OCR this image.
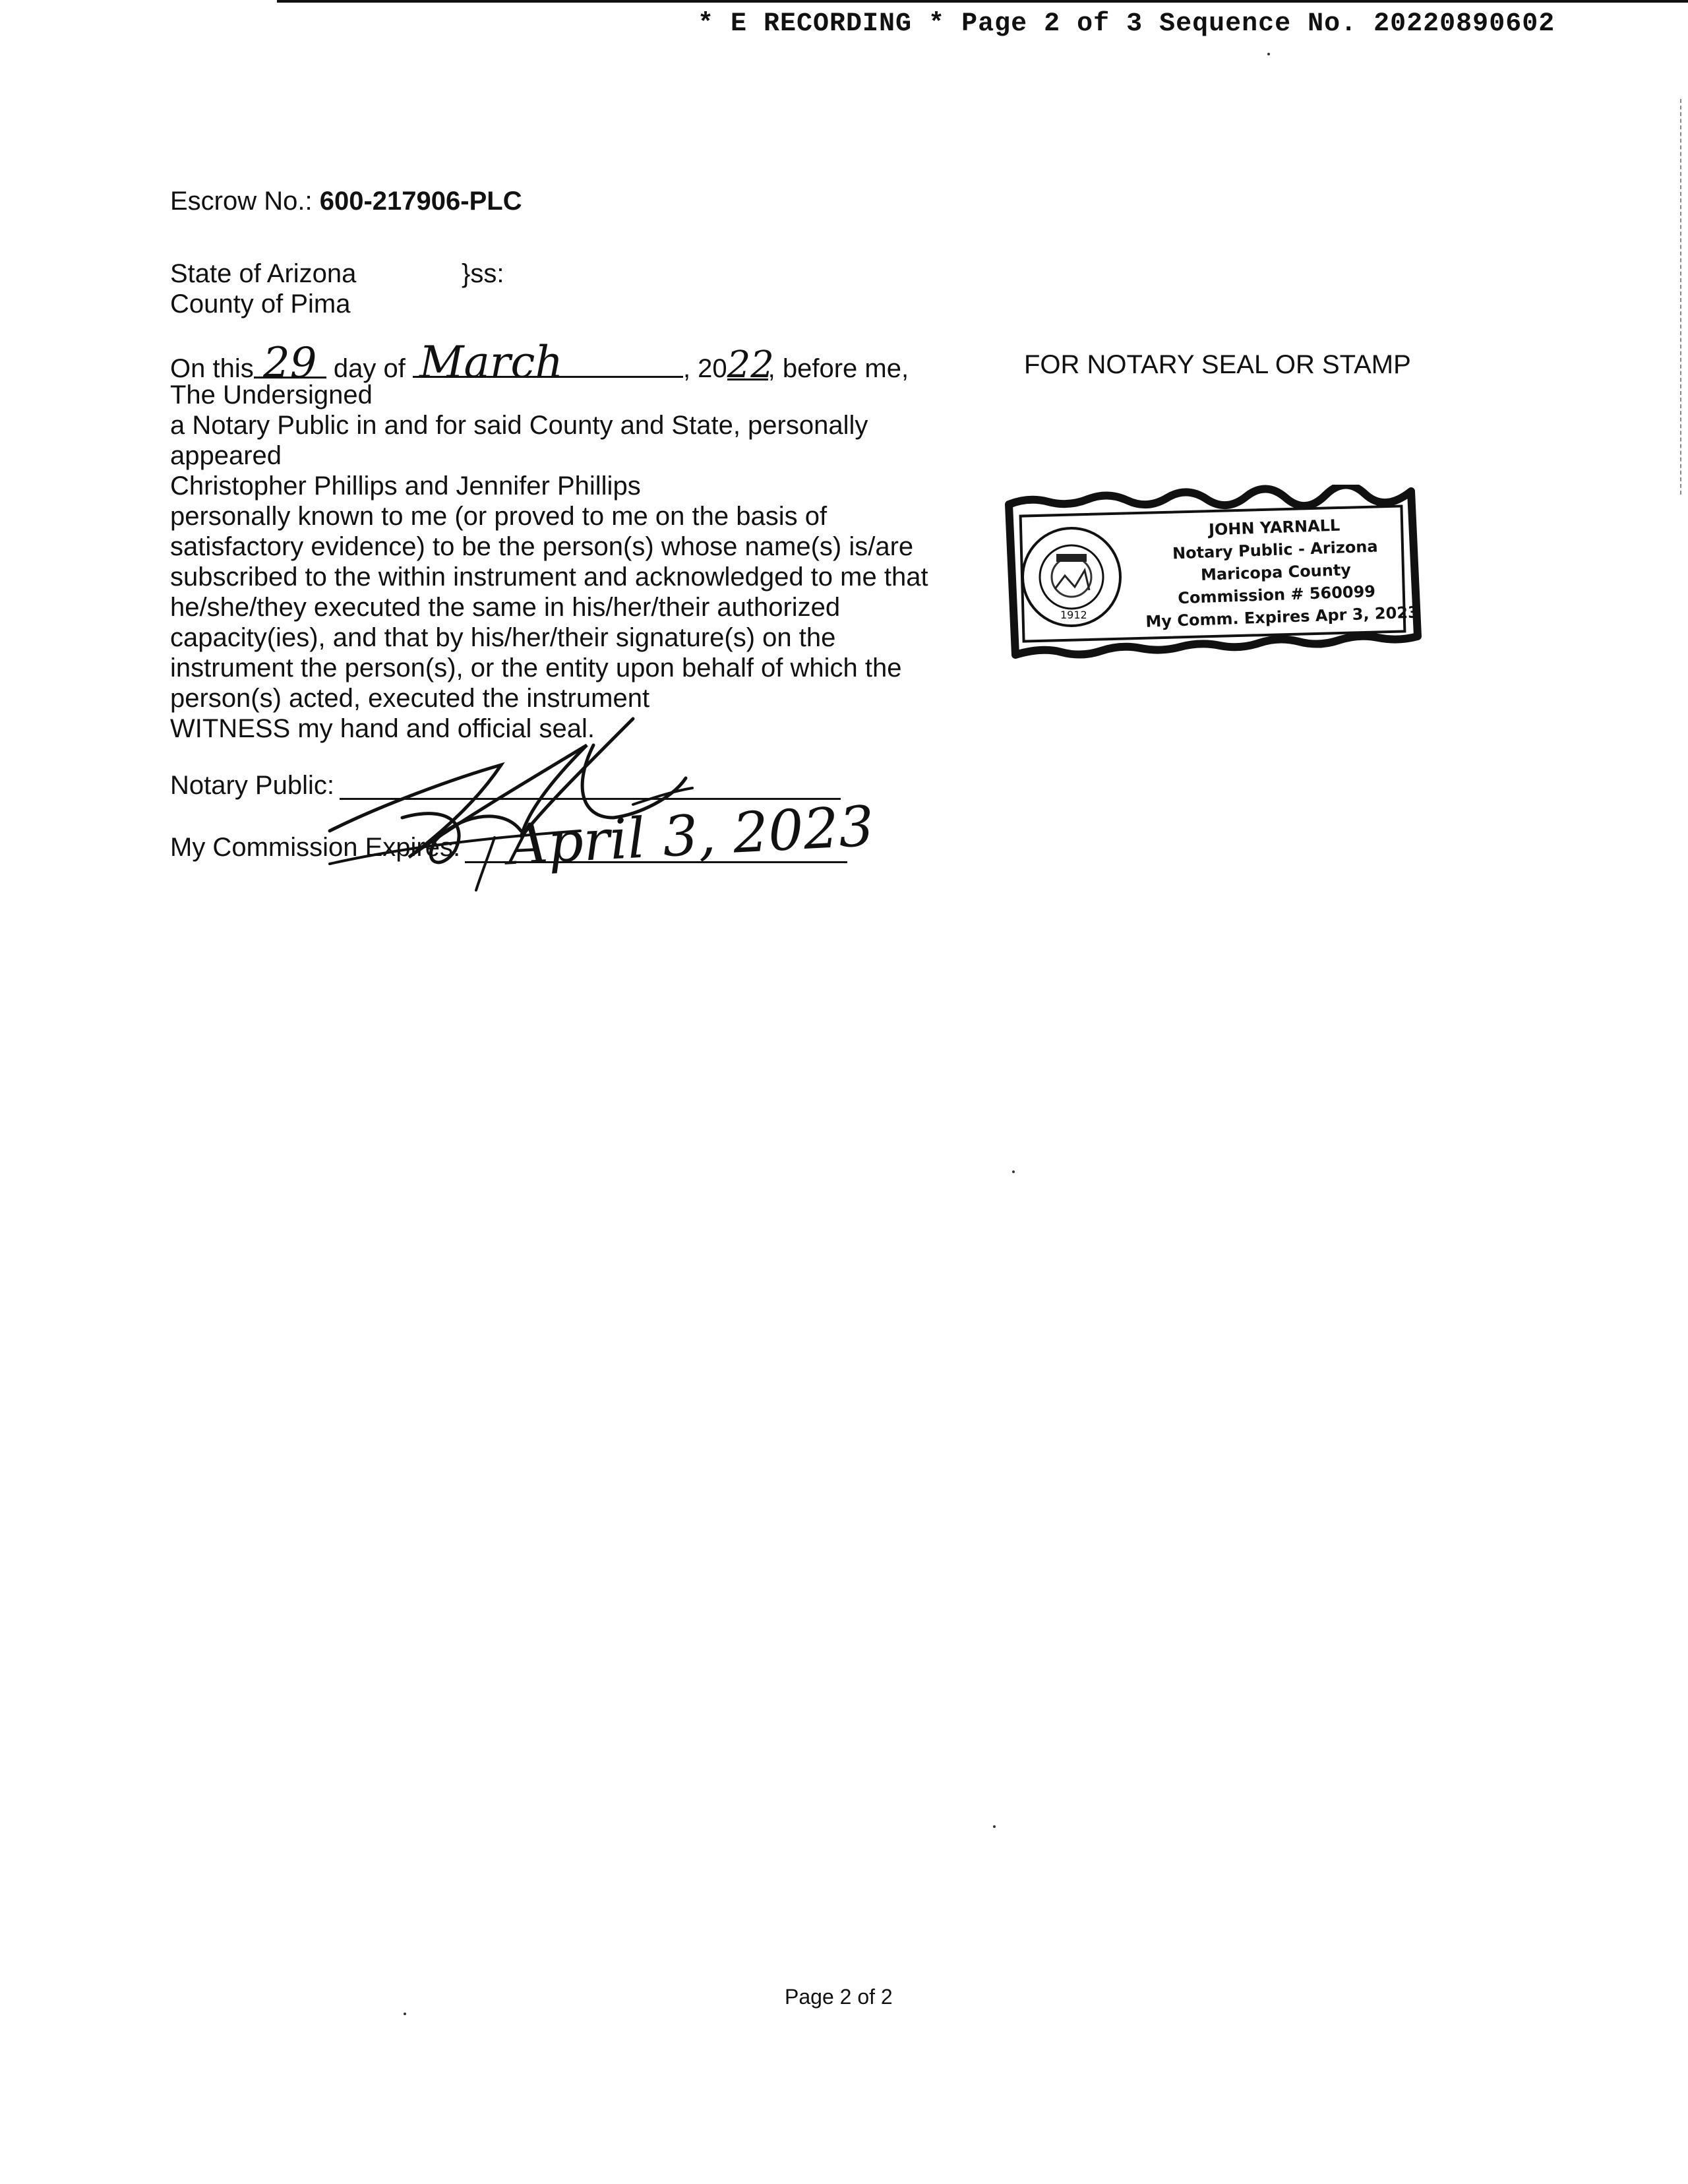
* E RECORDING * Page 2 of 3 Sequence No. 20220890602
Escrow No.: 600-217906-PLC
State of Arizona	}ss:
County of Pima
On this 29 day of March	, 2022, before me,
The Undersigned
a Notary Public in and for said County and State, personally
appeared
Christopher Phillips and Jennifer Phillips
personally known to me (or proved to me on the basis of
satisfactory evidence) to be the person(s) whose name(s) is/are
subscribed to the within instrument and acknowledged to me that
he/she/they executed the same in his/her/their authorized
capacity(ies), and that by his/her/their signature(s) on the
instrument the person(s), or the entity upon behalf of which the
person(s) acted, executed the instrument
WITNESS my hand and official seal.
Notary Public:
My Commission Expires: April 3, 2023
FOR NOTARY SEAL OR STAMP
1912
JOHN YARNALL
Notary Public - Arizona
Maricopa County
Commission # 560099
My Comm. Expires Apr 3, 2023
Page 2 of 2
